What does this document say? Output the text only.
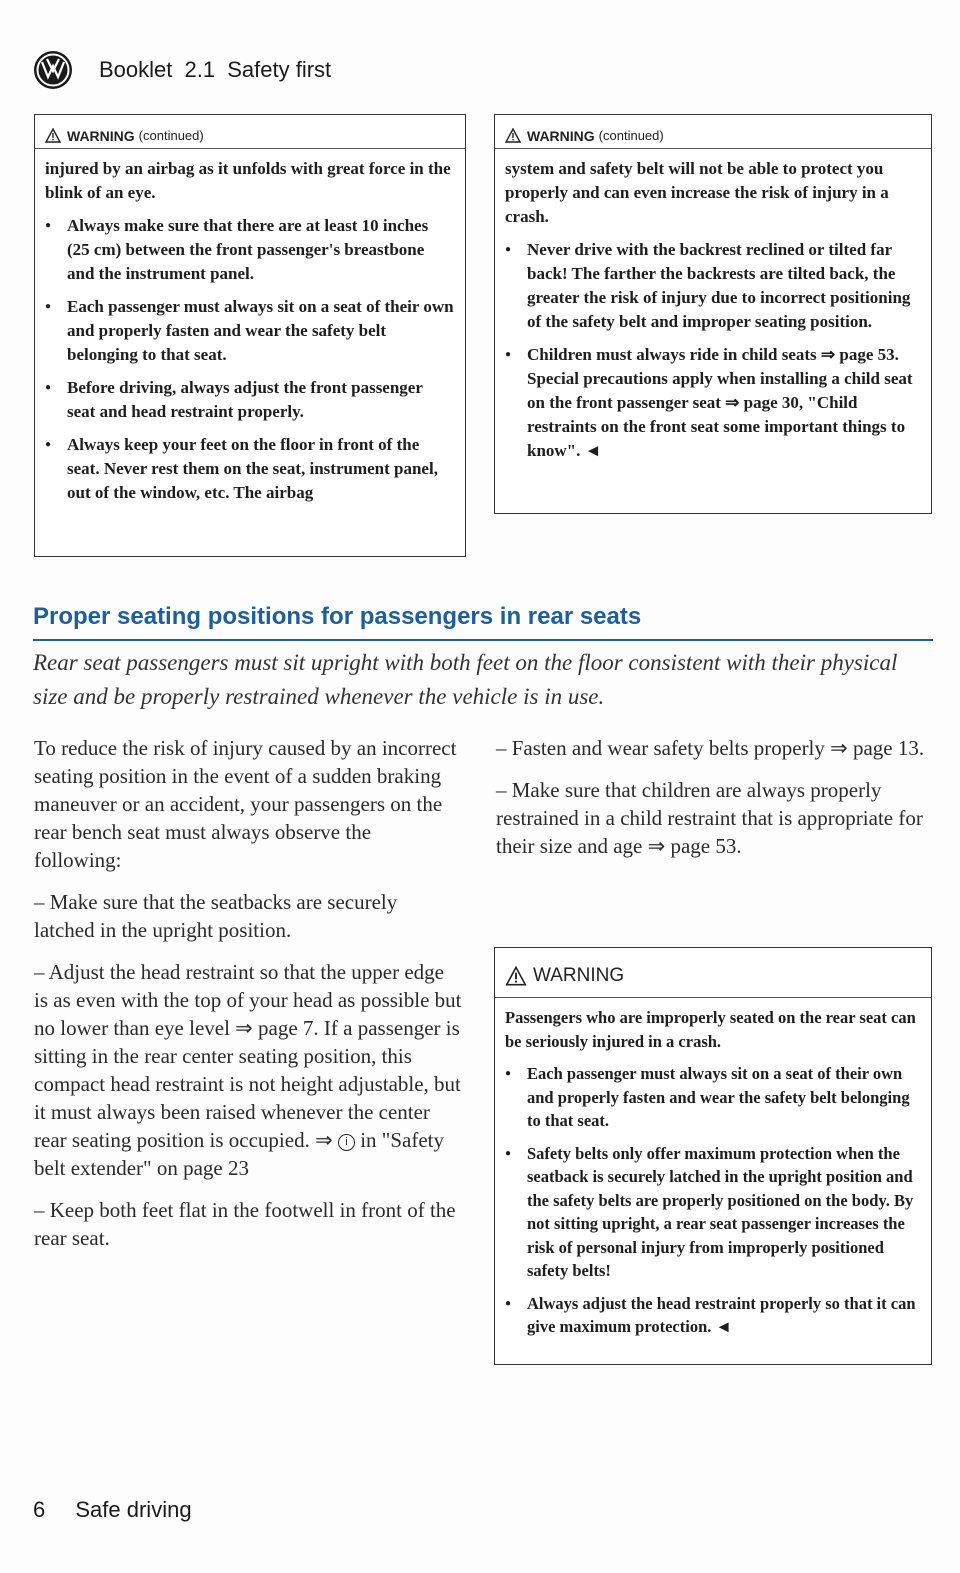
Booklet 2.1 Safety first
WARNING (continued)

injured by an airbag as it unfolds with great force in the blink of an eye.

● Always make sure that there are at least 10 inches (25 cm) between the front passenger's breastbone and the instrument panel.

● Each passenger must always sit on a seat of their own and properly fasten and wear the safety belt belonging to that seat.

● Before driving, always adjust the front passenger seat and head restraint properly.

● Always keep your feet on the floor in front of the seat. Never rest them on the seat, instrument panel, out of the window, etc. The airbag

WARNING (continued)

system and safety belt will not be able to protect you properly and can even increase the risk of injury in a crash.

● Never drive with the backrest reclined or tilted far back! The farther the backrests are tilted back, the greater the risk of injury due to incorrect positioning of the safety belt and improper seating position.

● Children must always ride in child seats ⇒ page 53. Special precautions apply when installing a child seat on the front passenger seat ⇒ page 30, "Child restraints on the front seat some important things to know". ◄

Proper seating positions for passengers in rear seats
Rear seat passengers must sit upright with both feet on the floor consistent with their physical size and be properly restrained whenever the vehicle is in use.

To reduce the risk of injury caused by an incorrect seating position in the event of a sudden braking maneuver or an accident, your passengers on the rear bench seat must always observe the following:

– Make sure that the seatbacks are securely latched in the upright position.

– Adjust the head restraint so that the upper edge is as even with the top of your head as possible but no lower than eye level ⇒ page 7. If a passenger is sitting in the rear center seating position, this compact head restraint is not height adjustable, but it must always been raised whenever the center rear seating position is occupied. ⇒ i in "Safety belt extender" on page 23

– Keep both feet flat in the footwell in front of the rear seat.

– Fasten and wear safety belts properly ⇒ page 13.

– Make sure that children are always properly restrained in a child restraint that is appropriate for their size and age ⇒ page 53.

WARNING

Passengers who are improperly seated on the rear seat can be seriously injured in a crash.

● Each passenger must always sit on a seat of their own and properly fasten and wear the safety belt belonging to that seat.

● Safety belts only offer maximum protection when the seatback is securely latched in the upright position and the safety belts are properly positioned on the body. By not sitting upright, a rear seat passenger increases the risk of personal injury from improperly positioned safety belts!

● Always adjust the head restraint properly so that it can give maximum protection. ◄

6 Safe driving
